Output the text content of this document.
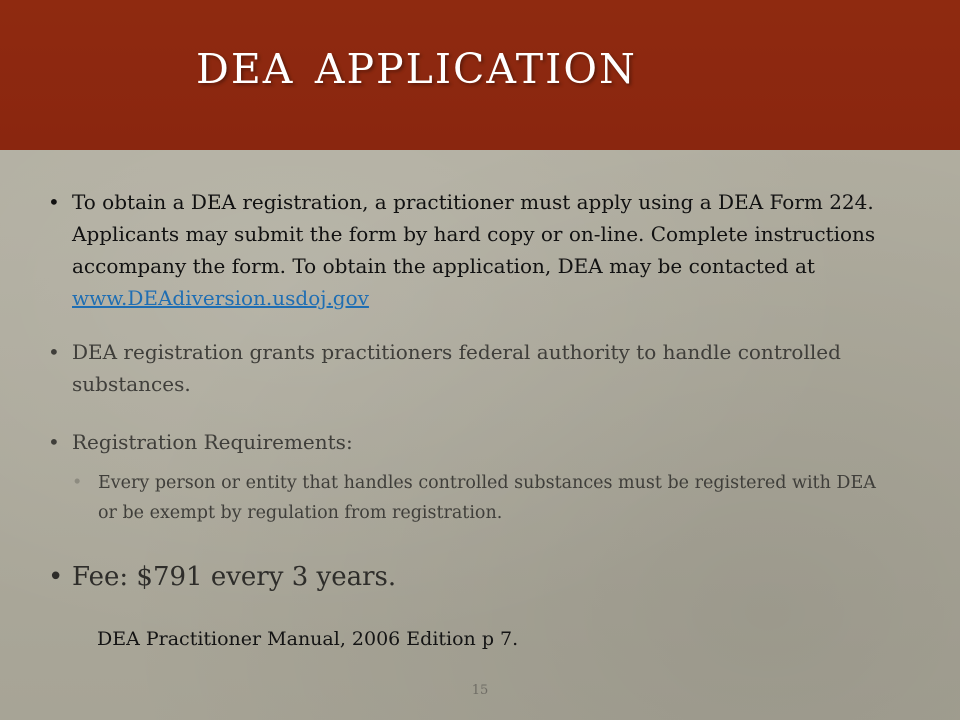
dea application

• To obtain a DEA registration, a practitioner must apply using a DEA Form 224. Applicants may submit the form by hard copy or on-line. Complete instructions accompany the form. To obtain the application, DEA may be contacted at www.DEAdiversion.usdoj.gov

• DEA registration grants practitioners federal authority to handle controlled substances.

• Registration Requirements:

• Every person or entity that handles controlled substances must be registered with DEA or be exempt by regulation from registration.

• Fee: $791 every 3 years.

DEA Practitioner Manual, 2006 Edition p 7.
15
